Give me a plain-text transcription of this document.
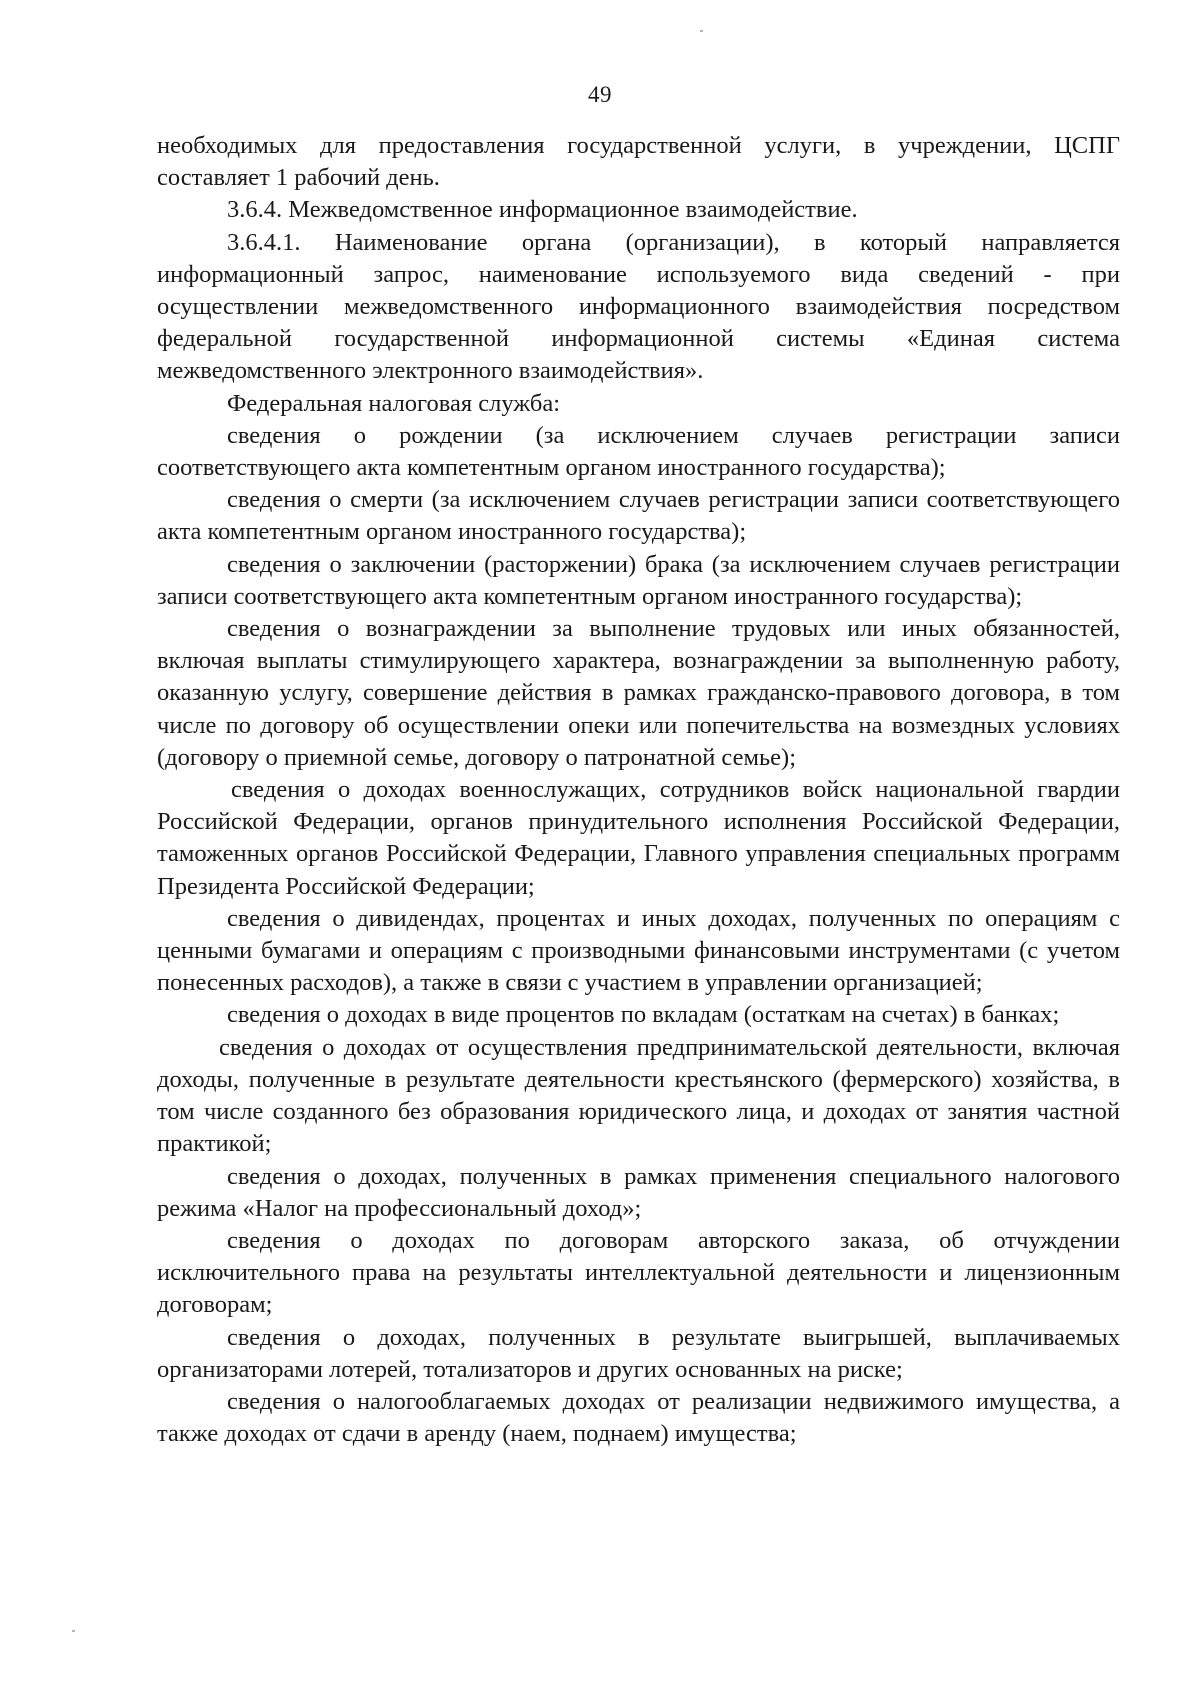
49

необходимых для предоставления государственной услуги, в учреждении, ЦСПГ составляет 1 рабочий день.

3.6.4. Межведомственное информационное взаимодействие.

3.6.4.1. Наименование органа (организации), в который направляется информационный запрос, наименование используемого вида сведений - при осуществлении межведомственного информационного взаимодействия посредством федеральной государственной информационной системы «Единая система межведомственного электронного взаимодействия».

Федеральная налоговая служба:

сведения о рождении (за исключением случаев регистрации записи соответствующего акта компетентным органом иностранного государства);

сведения о смерти (за исключением случаев регистрации записи соответствующего акта компетентным органом иностранного государства);

сведения о заключении (расторжении) брака (за исключением случаев регистрации записи соответствующего акта компетентным органом иностранного государства);

сведения о вознаграждении за выполнение трудовых или иных обязанностей, включая выплаты стимулирующего характера, вознаграждении за выполненную работу, оказанную услугу, совершение действия в рамках гражданско-правового договора, в том числе по договору об осуществлении опеки или попечительства на возмездных условиях (договору о приемной семье, договору о патронатной семье);

сведения о доходах военнослужащих, сотрудников войск национальной гвардии Российской Федерации, органов принудительного исполнения Российской Федерации, таможенных органов Российской Федерации, Главного управления специальных программ Президента Российской Федерации;

сведения о дивидендах, процентах и иных доходах, полученных по операциям с ценными бумагами и операциям с производными финансовыми инструментами (с учетом понесенных расходов), а также в связи с участием в управлении организацией;

сведения о доходах в виде процентов по вкладам (остаткам на счетах) в банках;

сведения о доходах от осуществления предпринимательской деятельности, включая доходы, полученные в результате деятельности крестьянского (фермерского) хозяйства, в том числе созданного без образования юридического лица, и доходах от занятия частной практикой;

сведения о доходах, полученных в рамках применения специального налогового режима «Налог на профессиональный доход»;

сведения о доходах по договорам авторского заказа, об отчуждении исключительного права на результаты интеллектуальной деятельности и лицензионным договорам;

сведения о доходах, полученных в результате выигрышей, выплачиваемых организаторами лотерей, тотализаторов и других основанных на риске;

сведения о налогооблагаемых доходах от реализации недвижимого имущества, а также доходах от сдачи в аренду (наем, поднаем) имущества;
